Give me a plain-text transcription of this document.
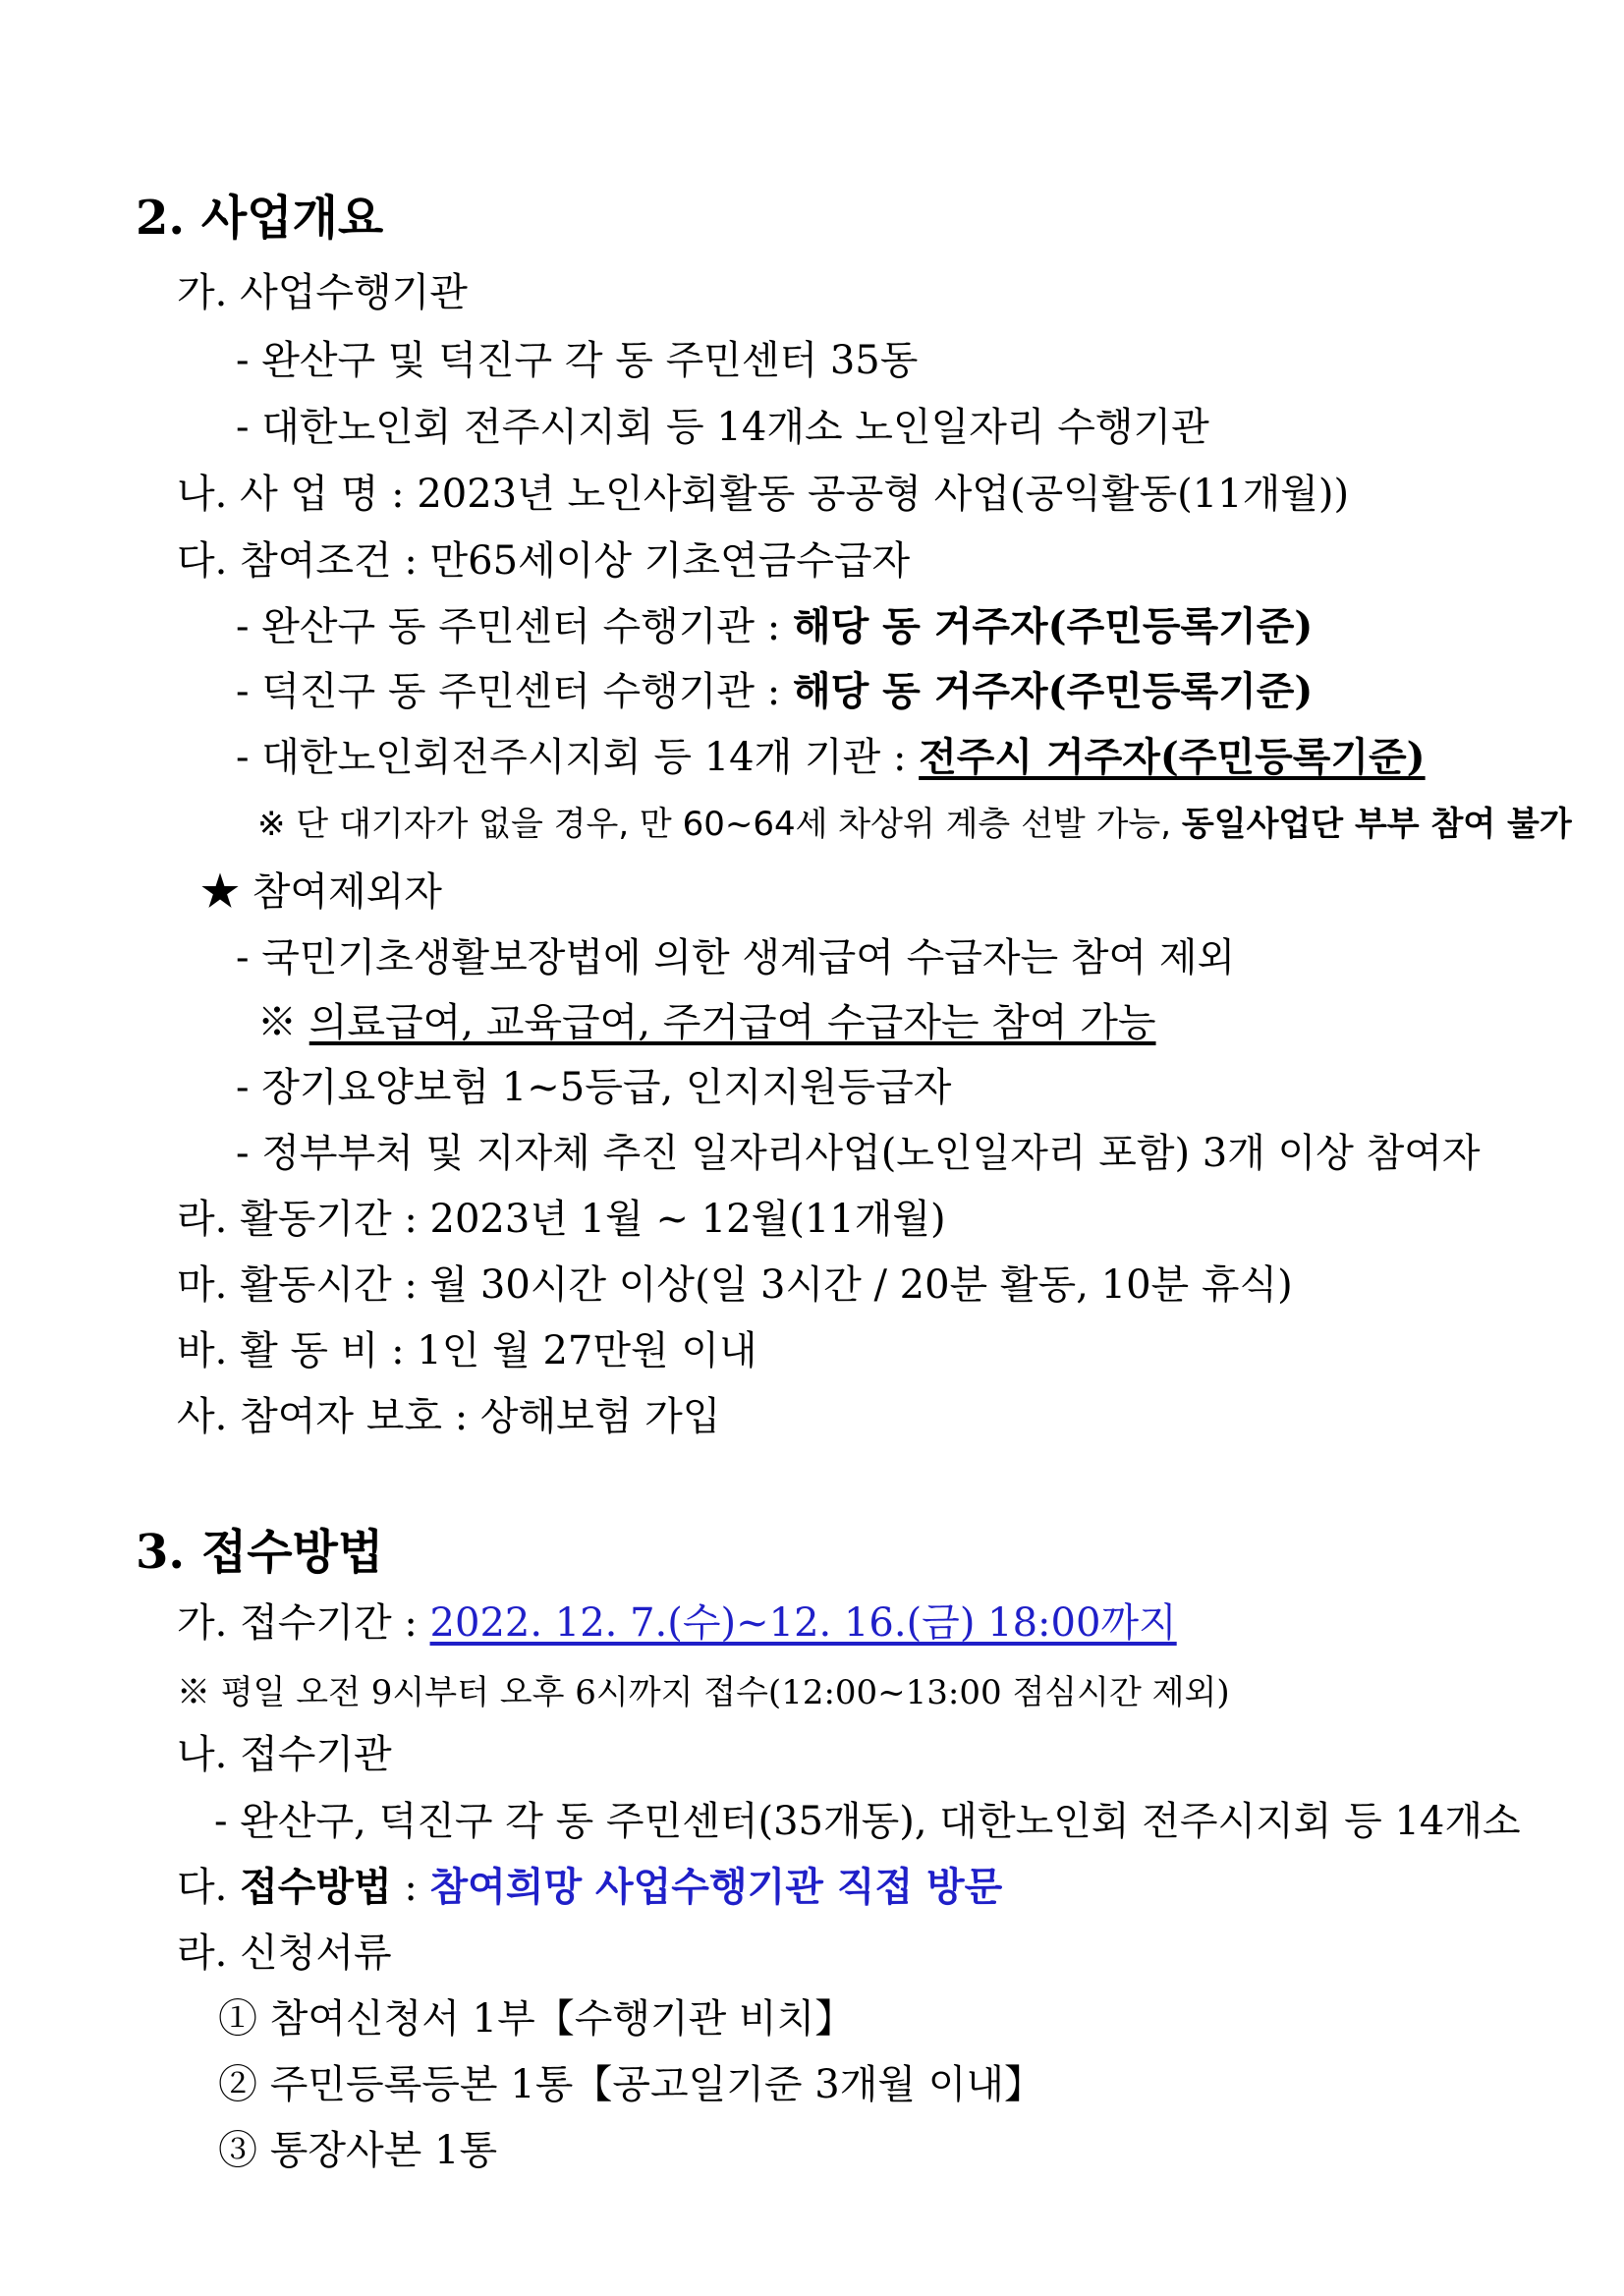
2. 사업개요
가. 사업수행기관
- 완산구 및 덕진구 각 동 주민센터 35동
- 대한노인회 전주시지회 등 14개소 노인일자리 수행기관
나. 사 업 명 : 2023년 노인사회활동 공공형 사업(공익활동(11개월))
다. 참여조건 : 만65세이상 기초연금수급자
- 완산구 동 주민센터 수행기관 : 해당 동 거주자(주민등록기준)
- 덕진구 동 주민센터 수행기관 : 해당 동 거주자(주민등록기준)
- 대한노인회전주시지회 등 14개 기관 : 전주시 거주자(주민등록기준)
※ 단 대기자가 없을 경우, 만 60~64세 차상위 계층 선발 가능, 동일사업단 부부 참여 불가
★ 참여제외자
- 국민기초생활보장법에 의한 생계급여 수급자는 참여 제외
※ 의료급여, 교육급여, 주거급여 수급자는 참여 가능
- 장기요양보험 1~5등급, 인지지원등급자
- 정부부처 및 지자체 추진 일자리사업(노인일자리 포함) 3개 이상 참여자
라. 활동기간 : 2023년 1월 ~ 12월(11개월)
마. 활동시간 : 월 30시간 이상(일 3시간 / 20분 활동, 10분 휴식)
바. 활 동 비 : 1인 월 27만원 이내
사. 참여자 보호 : 상해보험 가입
3. 접수방법
가. 접수기간 : 2022. 12. 7.(수)~12. 16.(금) 18:00까지
※ 평일 오전 9시부터 오후 6시까지 접수(12:00~13:00 점심시간 제외)
나. 접수기관
- 완산구, 덕진구 각 동 주민센터(35개동), 대한노인회 전주시지회 등 14개소
다. 접수방법 : 참여희망 사업수행기관 직접 방문
라. 신청서류
① 참여신청서 1부【수행기관 비치】
② 주민등록등본 1통【공고일기준 3개월 이내】
③ 통장사본 1통
